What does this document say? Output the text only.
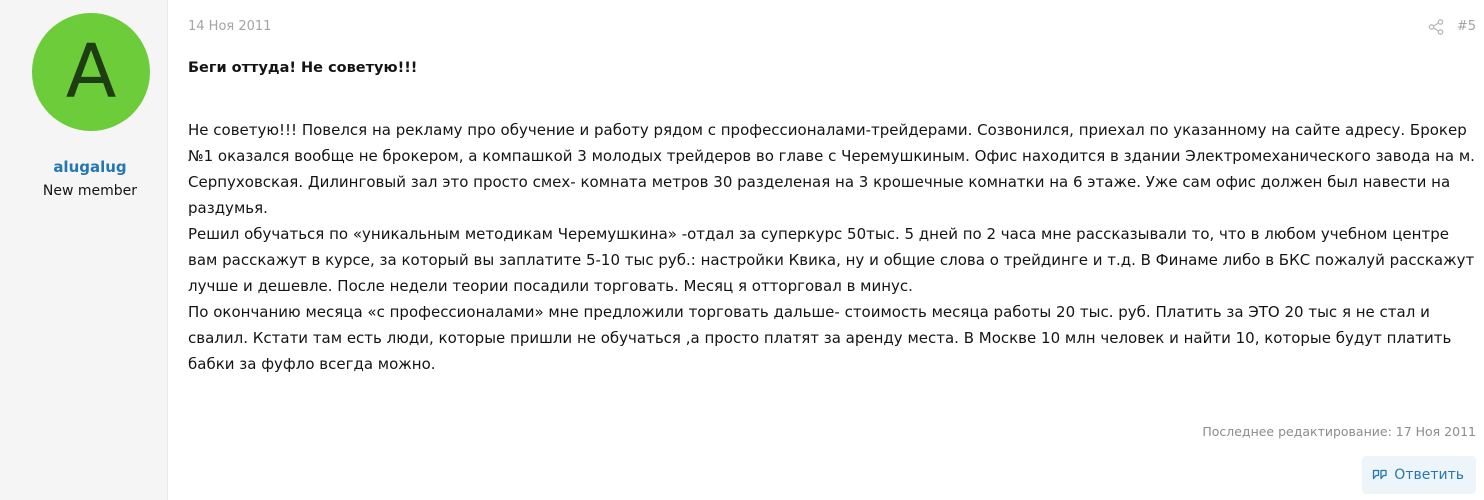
A
alugalug
New member
14 Ноя 2011	#5
Беги оттуда! Не советую!!!

Не советую!!! Повелся на рекламу про обучение и работу рядом с профессионалами-трейдерами. Созвонился, приехал по указанному на сайте адресу. Брокер №1 оказался вообще не брокером, а компашкой 3 молодых трейдеров во главе с Черемушкиным. Офис находится в здании Электромеханического завода на м. Серпуховская. Дилинговый зал это просто смех- комната метров 30 разделеная на 3 крошечные комнатки на 6 этаже. Уже сам офис должен был навести на раздумья.

Решил обучаться по «уникальным методикам Черемушкина» -отдал за суперкурс 50тыс. 5 дней по 2 часа мне рассказывали то, что в любом учебном центре вам расскажут в курсе, за который вы заплатите 5-10 тыс руб.: настройки Квика, ну и общие слова о трейдинге и т.д. В Финаме либо в БКС пожалуй расскажут лучше и дешевле. После недели теории посадили торговать. Месяц я отторговал в минус.

По окончанию месяца «с профессионалами» мне предложили торговать дальше- стоимость месяца работы 20 тыс. руб. Платить за ЭТО 20 тыс я не стал и свалил. Кстати там есть люди, которые пришли не обучаться ,а просто платят за аренду места. В Москве 10 млн человек и найти 10, которые будут платить бабки за фуфло всегда можно.

Последнее редактирование: 17 Ноя 2011
Ответить
